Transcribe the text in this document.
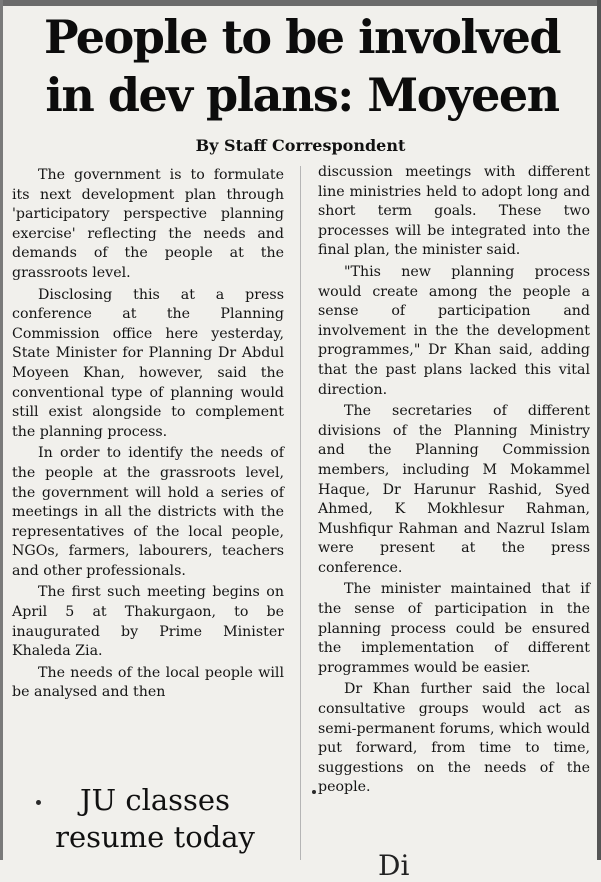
People to be involved
in dev plans: Moyeen
By Staff Correspondent

The government is to formulate its next development plan through 'participatory perspective planning exercise' reflecting the needs and demands of the people at the grassroots level.

Disclosing this at a press conference at the Planning Commission office here yesterday, State Minister for Planning Dr Abdul Moyeen Khan, however, said the conventional type of planning would still exist alongside to complement the planning process.

In order to identify the needs of the people at the grassroots level, the government will hold a series of meetings in all the districts with the representatives of the local people, NGOs, farmers, labourers, teachers and other professionals.

The first such meeting begins on April 5 at Thakurgaon, to be inaugurated by Prime Minister Khaleda Zia.

The needs of the local people will be analysed and then

discussion meetings with different line ministries held to adopt long and short term goals. These two processes will be integrated into the final plan, the minister said.

"This new planning process would create among the people a sense of participation and involvement in the the development programmes," Dr Khan said, adding that the past plans lacked this vital direction.

The secretaries of different divisions of the Planning Ministry and the Planning Commission members, including M Mokammel Haque, Dr Harunur Rashid, Syed Ahmed, K Mokhlesur Rahman, Mushfiqur Rahman and Nazrul Islam were present at the press conference.

The minister maintained that if the sense of participation in the planning process could be ensured the implementation of different programmes would be easier.

Dr Khan further said the local consultative groups would act as semi-permanent forums, which would put forward, from time to time, suggestions on the needs of the people.

JU classes
resume today
Di
